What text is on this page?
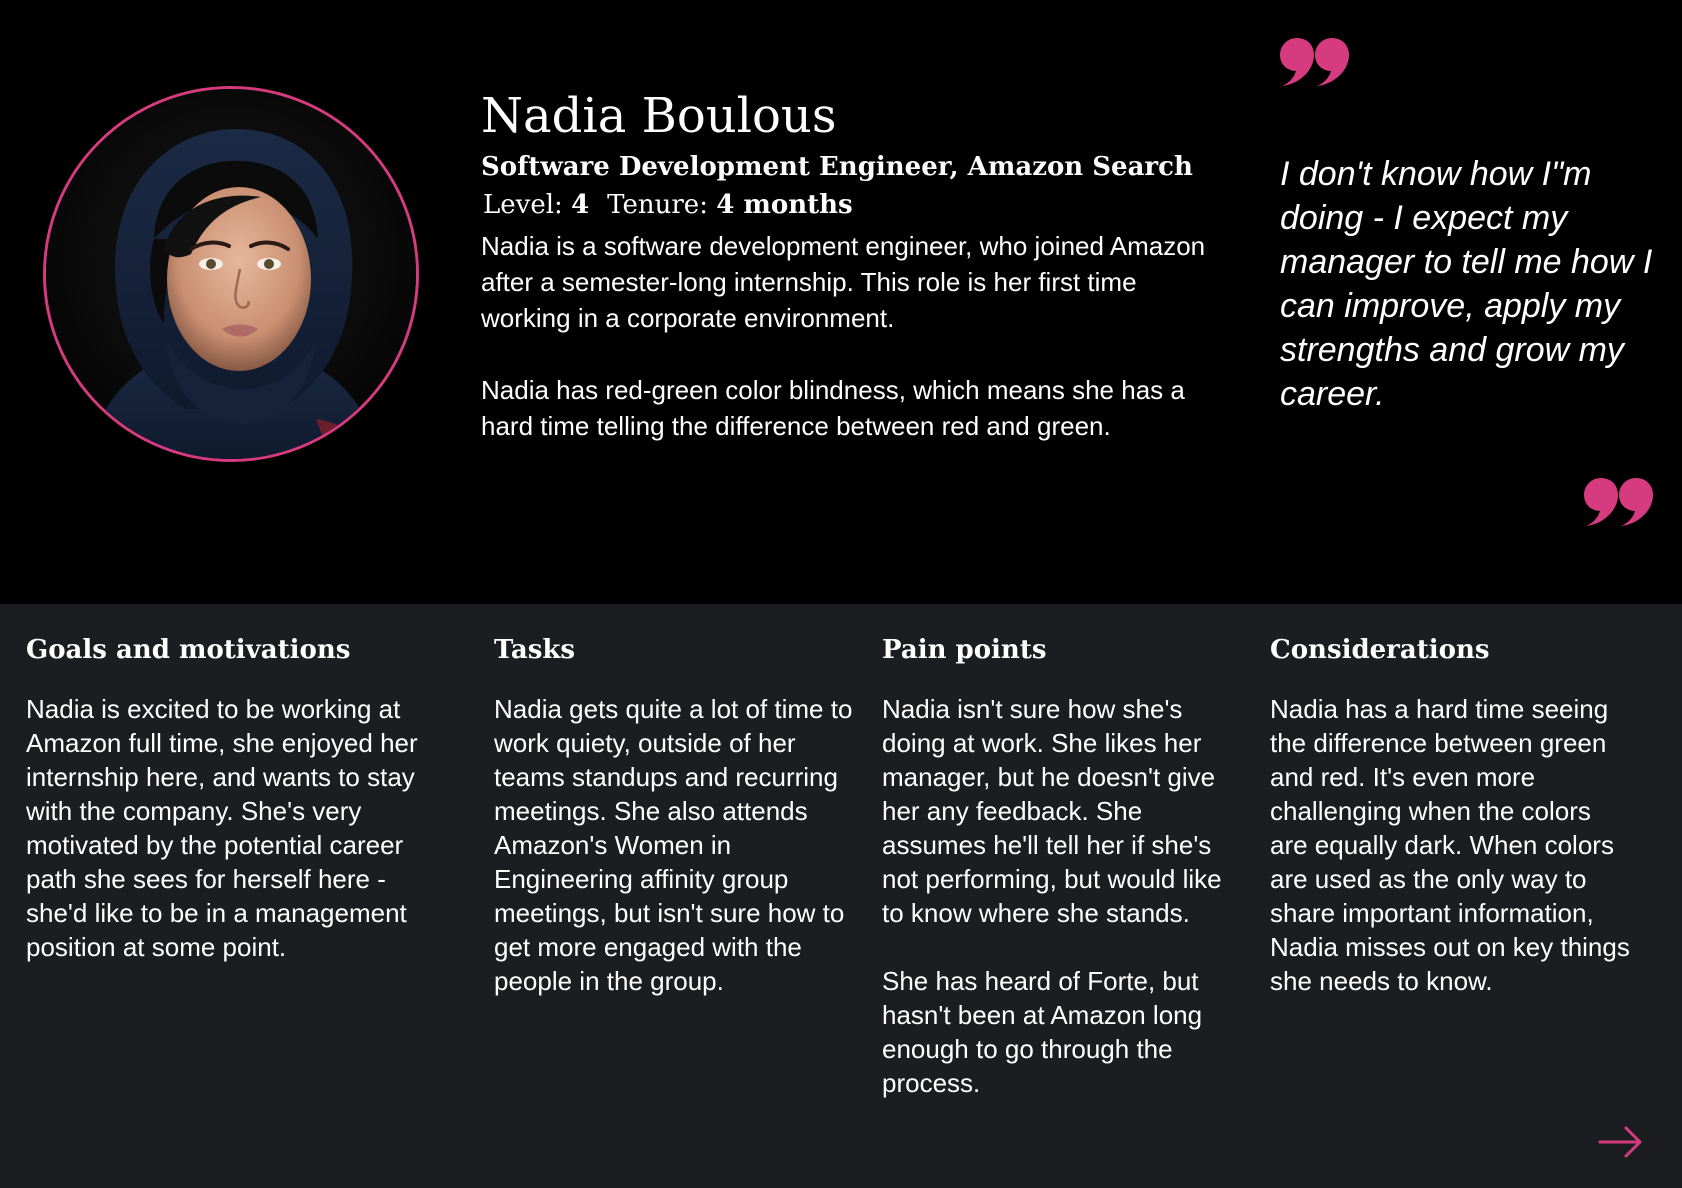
Nadia Boulous
Software Development Engineer, Amazon Search
Level: 4 Tenure: 4 months

Nadia is a software development engineer, who joined Amazon after a semester-long internship. This role is her first time working in a corporate environment.

Nadia has red-green color blindness, which means she has a hard time telling the difference between red and green.

I don't know how I"m doing - I expect my manager to tell me how I can improve, apply my strengths and grow my career.
Goals and motivations

Nadia is excited to be working at Amazon full time, she enjoyed her internship here, and wants to stay with the company. She's very motivated by the potential career path she sees for herself here - she'd like to be in a management position at some point.

Tasks

Nadia gets quite a lot of time to work quiety, outside of her teams standups and recurring meetings. She also attends Amazon's Women in Engineering affinity group meetings, but isn't sure how to get more engaged with the people in the group.

Pain points

Nadia isn't sure how she's doing at work. She likes her manager, but he doesn't give her any feedback. She assumes he'll tell her if she's not performing, but would like to know where she stands.

She has heard of Forte, but hasn't been at Amazon long enough to go through the process.

Considerations

Nadia has a hard time seeing the difference between green and red. It's even more challenging when the colors are equally dark. When colors are used as the only way to share important information, Nadia misses out on key things she needs to know.
